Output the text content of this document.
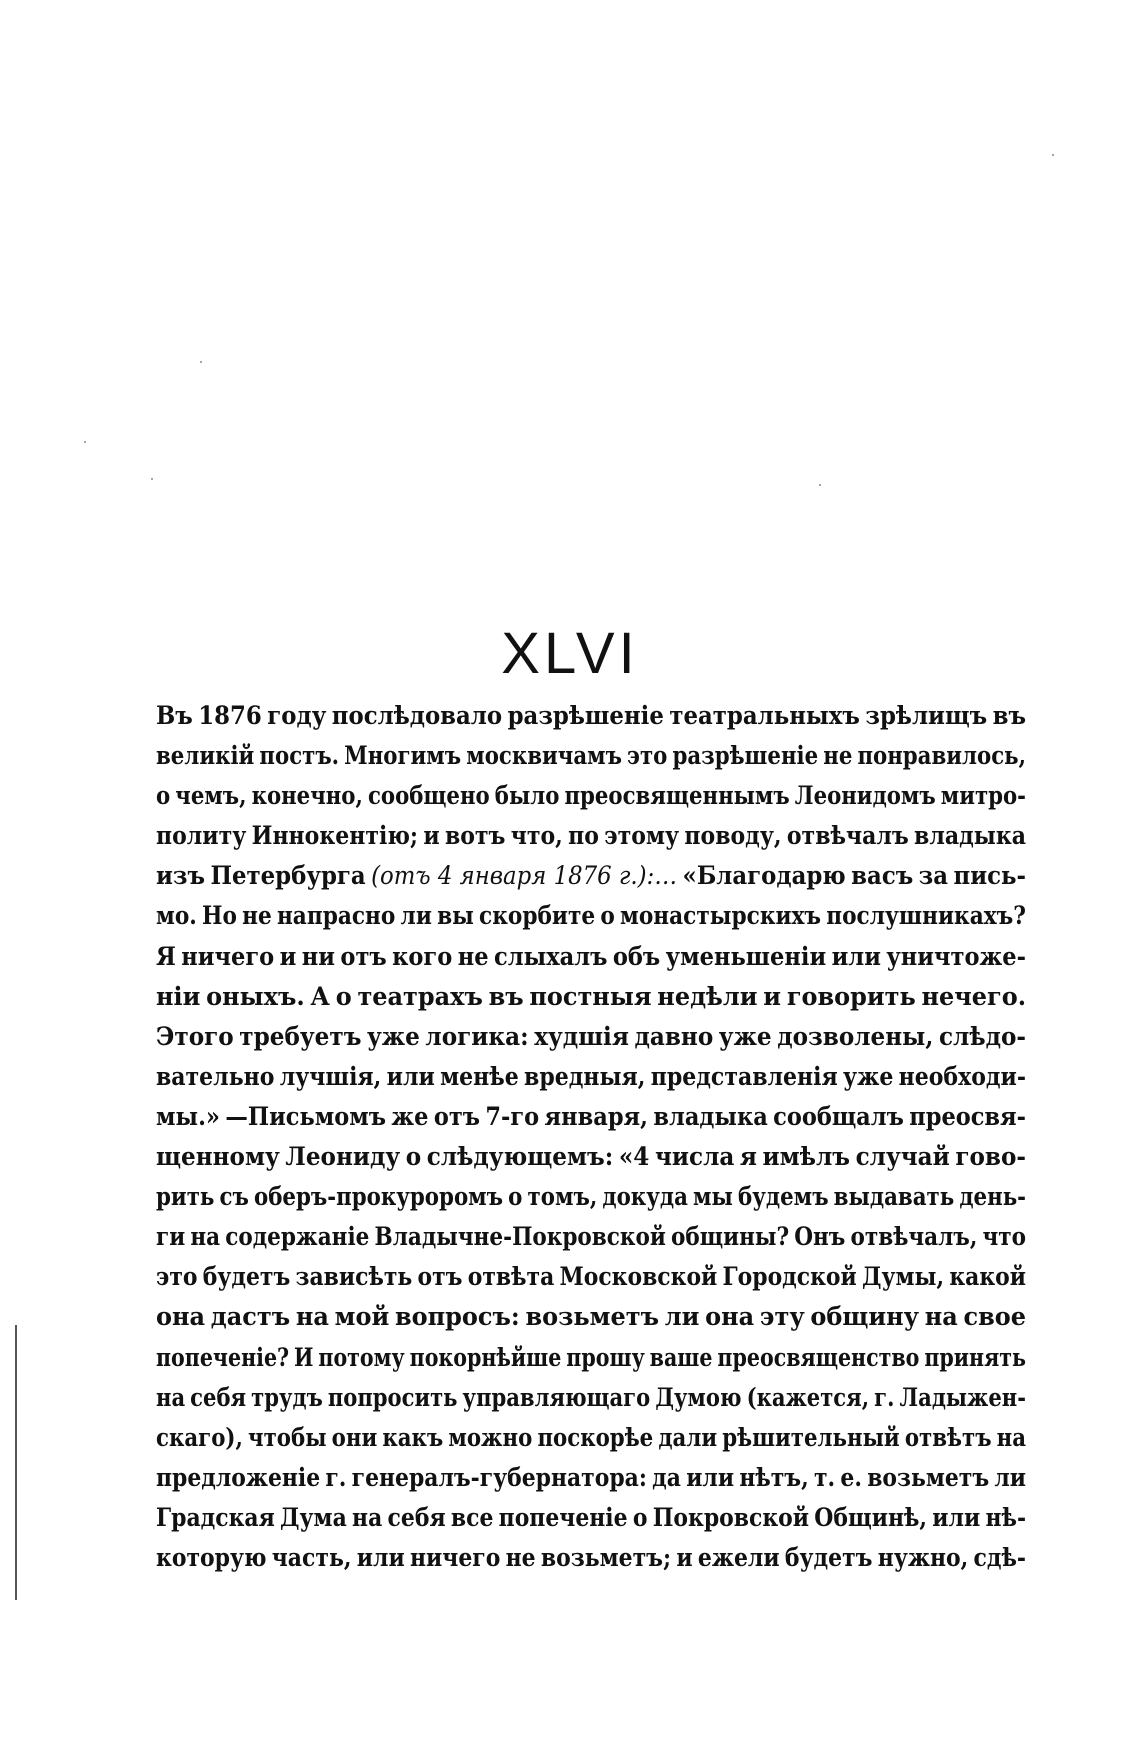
XLVI
Въ 1876 году послѣдовало разрѣшеніе театральныхъ зрѣлищъ въ
великій постъ. Многимъ москвичамъ это разрѣшеніе не понравилось,
о чемъ, конечно, сообщено было преосвященнымъ Леонидомъ митро-
политу Иннокентію; и вотъ что, по этому поводу, отвѣчалъ владыка
изъ Петербурга (отъ 4 января 1876 г.):… «Благодарю васъ за пись-
мо. Но не напрасно ли вы скорбите о монастырскихъ послушникахъ?
Я ничего и ни отъ кого не слыхалъ объ уменьшеніи или уничтоже-
ніи оныхъ. А о театрахъ въ постныя недѣли и говорить нечего.
Этого требуетъ уже логика: худшія давно уже дозволены, слѣдо-
вательно лучшія, или менѣе вредныя, представленія уже необходи-
мы.» —Письмомъ же отъ 7-го января, владыка сообщалъ преосвя-
щенному Леониду о слѣдующемъ: «4 числа я имѣлъ случай гово-
рить съ оберъ-прокуроромъ о томъ, докуда мы будемъ выдавать день-
ги на содержаніе Владычне-Покровской общины? Онъ отвѣчалъ, что
это будетъ зависѣть отъ отвѣта Московской Городской Думы, какой
она дастъ на мой вопросъ: возьметъ ли она эту общину на свое
попеченіе? И потому покорнѣйше прошу ваше преосвященство принять
на себя трудъ попросить управляющаго Думою (кажется, г. Ладыжен-
скаго), чтобы они какъ можно поскорѣе дали рѣшительный отвѣтъ на
предложеніе г. генералъ-губернатора: да или нѣтъ, т. е. возьметъ ли
Градская Дума на себя все попеченіе о Покровской Общинѣ, или нѣ-
которую часть, или ничего не возьметъ; и ежели будетъ нужно, сдѣ-
